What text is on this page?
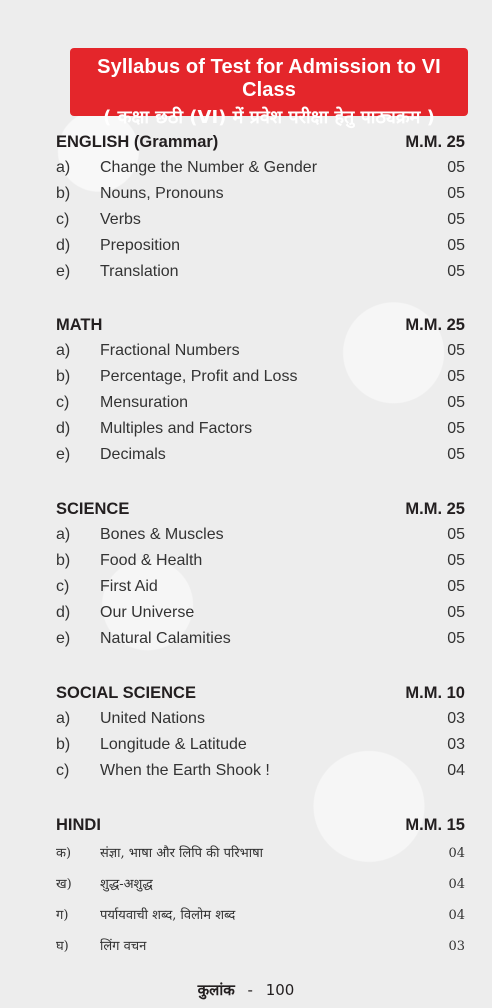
Syllabus of Test for Admission to VI Class
( कक्षा छठी (VI) में प्रवेश परीक्षा हेतु पाठ्यक्रम )
ENGLISH (Grammar)	M.M. 25
a)	Change the Number & Gender	05
b)	Nouns, Pronouns	05
c)	Verbs	05
d)	Preposition	05
e)	Translation	05
MATH	M.M. 25
a)	Fractional Numbers	05
b)	Percentage, Profit and Loss	05
c)	Mensuration	05
d)	Multiples and Factors	05
e)	Decimals	05
SCIENCE	M.M. 25
a)	Bones & Muscles	05
b)	Food & Health	05
c)	First Aid	05
d)	Our Universe	05
e)	Natural Calamities	05
SOCIAL SCIENCE	M.M. 10
a)	United Nations	03
b)	Longitude & Latitude	03
c)	When the Earth Shook !	04
HINDI	M.M. 15
क)	संज्ञा, भाषा और लिपि की परिभाषा	04
ख)	शुद्ध-अशुद्ध	04
ग)	पर्यायवाची शब्द, विलोम शब्द	04
घ)	लिंग वचन	03
कुलांक - 100
